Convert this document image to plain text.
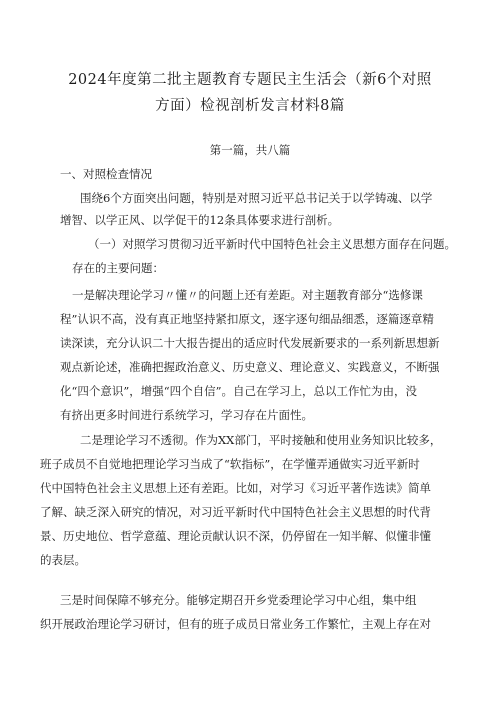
2024年度第二批主题教育专题民主生活会（新6个对照
方面）检视剖析发言材料8篇
第一篇，共八篇
一、对照检查情况
围绕6个方面突出问题，特别是对照习近平总书记关于以学铸魂、以学
增智、以学正风、以学促干的12条具体要求进行剖析。
（一）对照学习贯彻习近平新时代中国特色社会主义思想方面存在问题。
存在的主要问题：
一是解决理论学习〃懂〃的问题上还有差距。对主题教育部分“选修课
程”认识不高，没有真正地坚持紧扣原文，逐字逐句细品细悉，逐篇逐章精
读深读，充分认识二十大报告提出的适应时代发展新要求的一系列新思想新
观点新论述，准确把握政治意义、历史意义、理论意义、实践意义，不断强
化“四个意识”，增强“四个自信”。自己在学习上，总以工作忙为由，没
有挤出更多时间进行系统学习，学习存在片面性。
二是理论学习不透彻。作为XX部门，平时接触和使用业务知识比较多，
班子成员不自觉地把理论学习当成了“软指标”，在学懂弄通做实习近平新时
代中国特色社会主义思想上还有差距。比如，对学习《习近平著作选读》简单
了解、缺乏深入研究的情况，对习近平新时代中国特色社会主义思想的时代背
景、历史地位、哲学意蕴、理论贡献认识不深，仍停留在一知半解、似懂非懂
的表层。
三是时间保障不够充分。能够定期召开乡党委理论学习中心组，集中组
织开展政治理论学习研讨，但有的班子成员日常业务工作繁忙，主观上存在对
